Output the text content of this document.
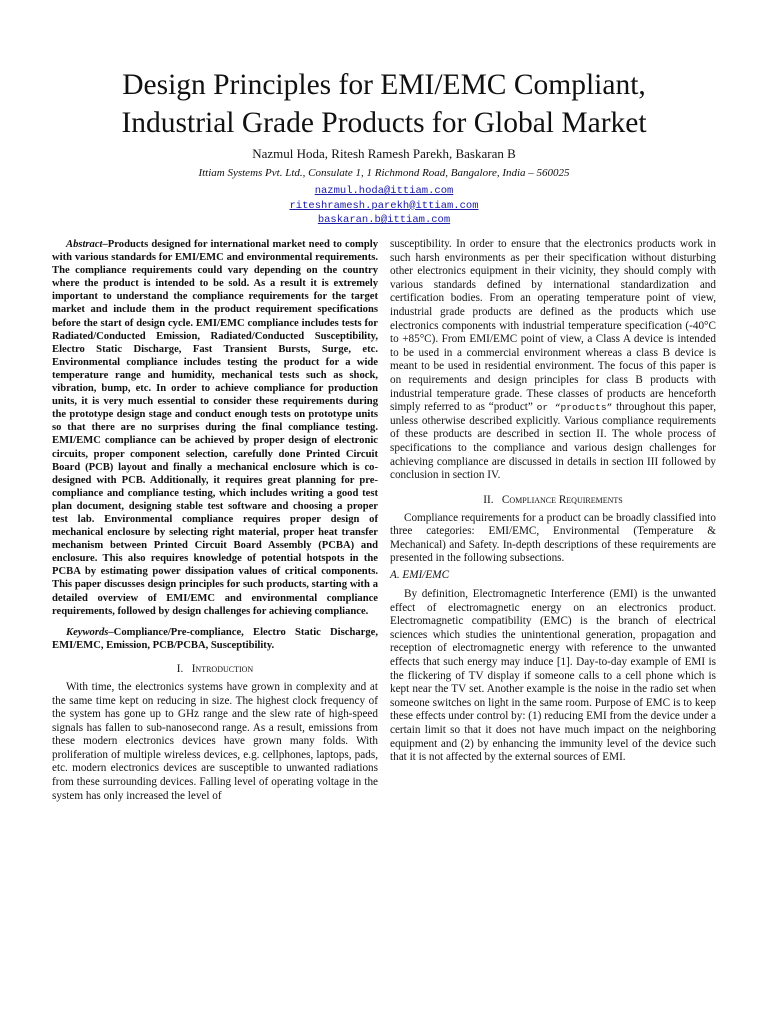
Design Principles for EMI/EMC Compliant,
Industrial Grade Products for Global Market
Nazmul Hoda, Ritesh Ramesh Parekh, Baskaran B
Ittiam Systems Pvt. Ltd., Consulate 1, 1 Richmond Road, Bangalore, India – 560025
nazmul.hoda@ittiam.com
riteshramesh.parekh@ittiam.com
baskaran.b@ittiam.com

Abstract–Products designed for international market need to comply with various standards for EMI/EMC and environmental requirements. The compliance requirements could vary depending on the country where the product is intended to be sold. As a result it is extremely important to understand the compliance requirements for the target market and include them in the product requirement specifications before the start of design cycle. EMI/EMC compliance includes tests for Radiated/Conducted Emission, Radiated/Conducted Susceptibility, Electro Static Discharge, Fast Transient Bursts, Surge, etc. Environmental compliance includes testing the product for a wide temperature range and humidity, mechanical tests such as shock, vibration, bump, etc. In order to achieve compliance for production units, it is very much essential to consider these requirements during the prototype design stage and conduct enough tests on prototype units so that there are no surprises during the final compliance testing. EMI/EMC compliance can be achieved by proper design of electronic circuits, proper component selection, carefully done Printed Circuit Board (PCB) layout and finally a mechanical enclosure which is co-designed with PCB. Additionally, it requires great planning for pre-compliance and compliance testing, which includes writing a good test plan document, designing stable test software and choosing a proper test lab. Environmental compliance requires proper design of mechanical enclosure by selecting right material, proper heat transfer mechanism between Printed Circuit Board Assembly (PCBA) and enclosure. This also requires knowledge of potential hotspots in the PCBA by estimating power dissipation values of critical components. This paper discusses design principles for such products, starting with a detailed overview of EMI/EMC and environmental compliance requirements, followed by design challenges for achieving compliance.

Keywords–Compliance/Pre-compliance, Electro Static Discharge, EMI/EMC, Emission, PCB/PCBA, Susceptibility.

I. Introduction

With time, the electronics systems have grown in complexity and at the same time kept on reducing in size. The highest clock frequency of the system has gone up to GHz range and the slew rate of high-speed signals has fallen to sub-nanosecond range. As a result, emissions from these modern electronics devices have grown many folds. With proliferation of multiple wireless devices, e.g. cellphones, laptops, pads, etc. modern electronics devices are susceptible to unwanted radiations from these surrounding devices. Falling level of operating voltage in the system has only increased the level of

susceptibility. In order to ensure that the electronics products work in such harsh environments as per their specification without disturbing other electronics equipment in their vicinity, they should comply with various standards defined by international standardization and certification bodies. From an operating temperature point of view, industrial grade products are defined as the products which use electronics components with industrial temperature specification (-40°C to +85°C). From EMI/EMC point of view, a Class A device is intended to be used in a commercial environment whereas a class B device is meant to be used in residential environment. The focus of this paper is on requirements and design principles for class B products with industrial temperature grade. These classes of products are henceforth simply referred to as “product” or “products” throughout this paper, unless otherwise described explicitly. Various compliance requirements of these products are described in section II. The whole process of specifications to the compliance and various design challenges for achieving compliance are discussed in details in section III followed by conclusion in section IV.

II. Compliance Requirements

Compliance requirements for a product can be broadly classified into three categories: EMI/EMC, Environmental (Temperature & Mechanical) and Safety. In-depth descriptions of these requirements are presented in the following subsections.

A. EMI/EMC

By definition, Electromagnetic Interference (EMI) is the unwanted effect of electromagnetic energy on an electronics product. Electromagnetic compatibility (EMC) is the branch of electrical sciences which studies the unintentional generation, propagation and reception of electromagnetic energy with reference to the unwanted effects that such energy may induce [1]. Day-to-day example of EMI is the flickering of TV display if someone calls to a cell phone which is kept near the TV set. Another example is the noise in the radio set when someone switches on light in the same room. Purpose of EMC is to keep these effects under control by: (1) reducing EMI from the device under a certain limit so that it does not have much impact on the neighboring equipment and (2) by enhancing the immunity level of the device such that it is not affected by the external sources of EMI.
